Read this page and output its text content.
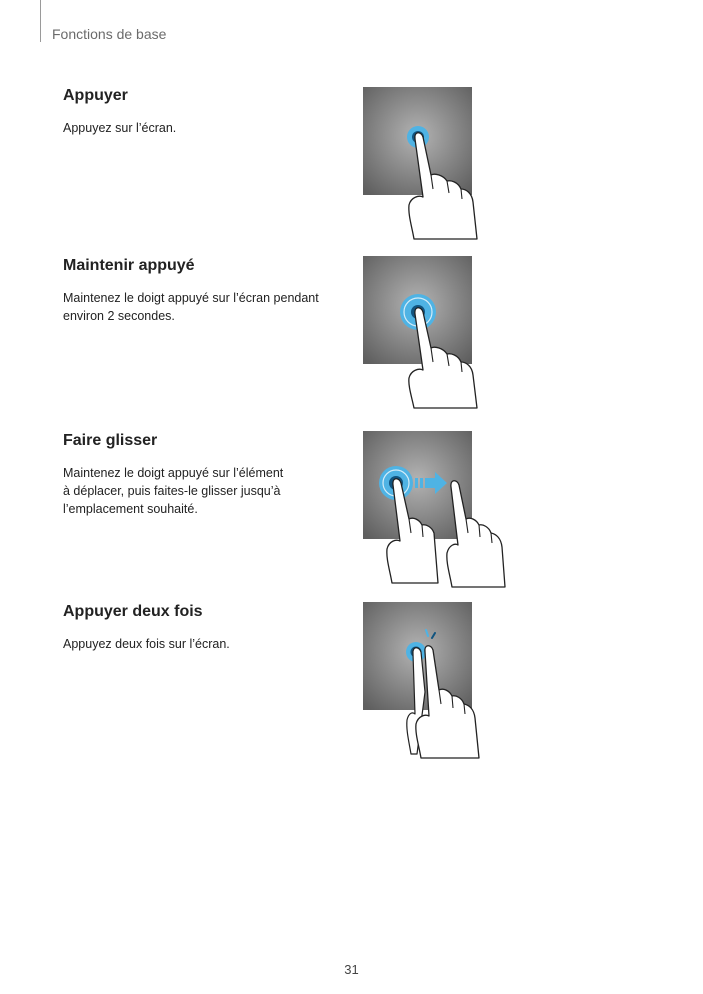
Fonctions de base
Appuyer

Appuyez sur l’écran.

Maintenir appuyé

Maintenez le doigt appuyé sur l’écran pendant environ 2 secondes.

Faire glisser

Maintenez le doigt appuyé sur l’élément
à déplacer, puis faites-le glisser jusqu’à
l’emplacement souhaité.

Appuyer deux fois

Appuyez deux fois sur l’écran.

31
